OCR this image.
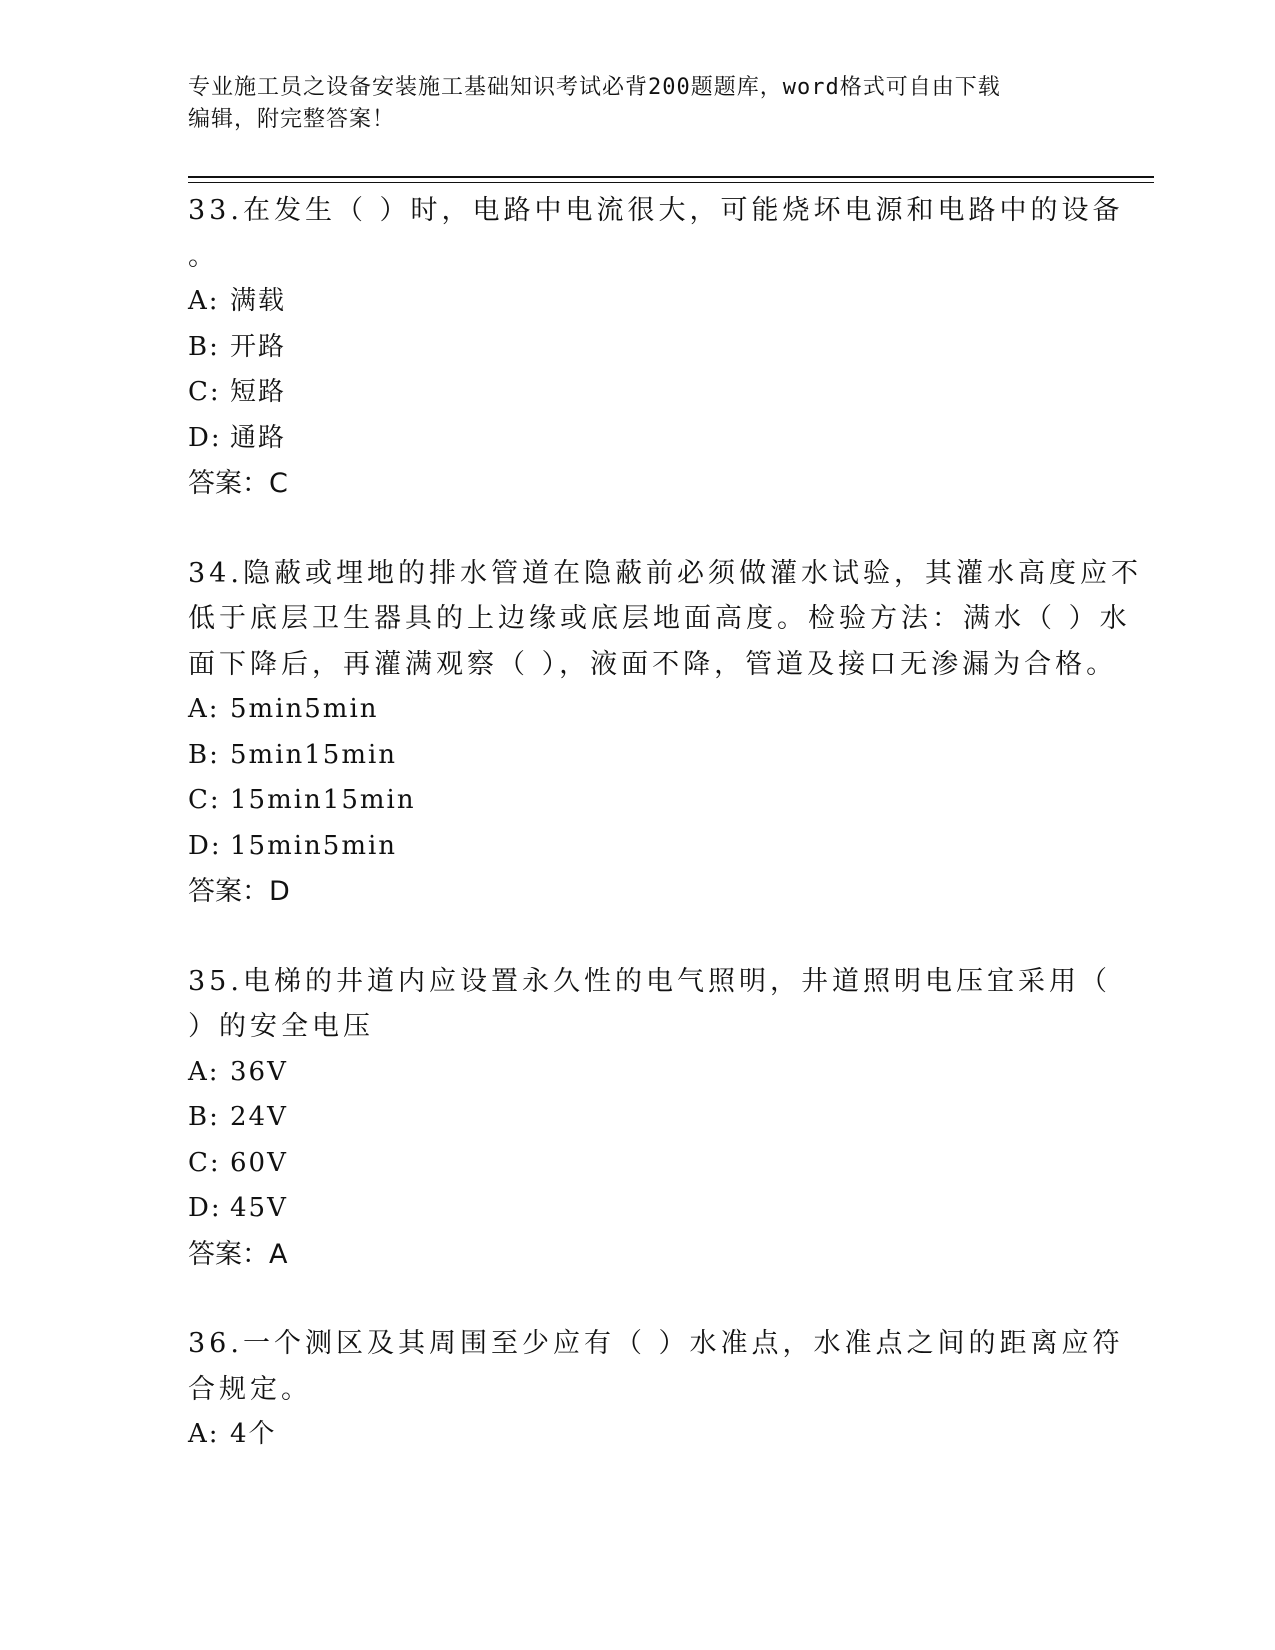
专业施工员之设备安装施工基础知识考试必背200题题库，word格式可自由下载
编辑，附完整答案！
33.在发生（ ）时，电路中电流很大，可能烧坏电源和电路中的设备
。
A: 满载
B: 开路
C: 短路
D: 通路
答案：C
34.隐蔽或埋地的排水管道在隐蔽前必须做灌水试验，其灌水高度应不
低于底层卫生器具的上边缘或底层地面高度。检验方法：满水（ ）水
面下降后，再灌满观察（ ），液面不降，管道及接口无渗漏为合格。
A: 5min5min
B: 5min15min
C: 15min15min
D: 15min5min
答案：D
35.电梯的井道内应设置永久性的电气照明，井道照明电压宜采用（
）的安全电压
A: 36V
B: 24V
C: 60V
D: 45V
答案：A
36.一个测区及其周围至少应有（ ）水准点，水准点之间的距离应符
合规定。
A: 4个
